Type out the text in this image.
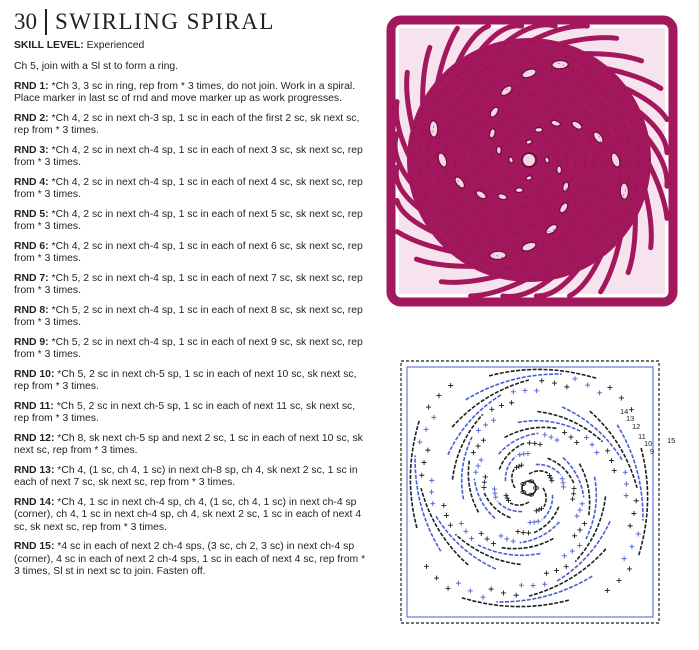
30 SWIRLING SPIRAL

SKILL LEVEL: Experienced

Ch 5, join with a Sl st to form a ring.

RND 1: *Ch 3, 3 sc in ring, rep from * 3 times, do not join. Work in a spiral. Place marker in last sc of rnd and move marker up as work progresses.

RND 2: *Ch 4, 2 sc in next ch-3 sp, 1 sc in each of the first 2 sc, sk next sc, rep from * 3 times.

RND 3: *Ch 4, 2 sc in next ch-4 sp, 1 sc in each of next 3 sc, sk next sc, rep from * 3 times.

RND 4: *Ch 4, 2 sc in next ch-4 sp, 1 sc in each of next 4 sc, sk next sc, rep from * 3 times.

RND 5: *Ch 4, 2 sc in next ch-4 sp, 1 sc in each of next 5 sc, sk next sc, rep from * 3 times.

RND 6: *Ch 4, 2 sc in next ch-4 sp, 1 sc in each of next 6 sc, sk next sc, rep from * 3 times.

RND 7: *Ch 5, 2 sc in next ch-4 sp, 1 sc in each of next 7 sc, sk next sc, rep from * 3 times.

RND 8: *Ch 5, 2 sc in next ch-4 sp, 1 sc in each of next 8 sc, sk next sc, rep from * 3 times.

RND 9: *Ch 5, 2 sc in next ch-4 sp, 1 sc in each of next 9 sc, sk next sc, rep from * 3 times.

RND 10: *Ch 5, 2 sc in next ch-5 sp, 1 sc in each of next 10 sc, sk next sc, rep from * 3 times.

RND 11: *Ch 5, 2 sc in next ch-5 sp, 1 sc in each of next 11 sc, sk next sc, rep from * 3 times.

RND 12: *Ch 8, sk next ch-5 sp and next 2 sc, 1 sc in each of next 10 sc, sk next sc, rep from * 3 times.

RND 13: *Ch 4, (1 sc, ch 4, 1 sc) in next ch-8 sp, ch 4, sk next 2 sc, 1 sc in each of next 7 sc, sk next sc, rep from * 3 times.

RND 14: *Ch 4, 1 sc in next ch-4 sp, ch 4, (1 sc, ch 4, 1 sc) in next ch-4 sp (corner), ch 4, 1 sc in next ch-4 sp, ch 4, sk next 2 sc, 1 sc in each of next 4 sc, sk next sc, rep from * 3 times.

RND 15: *4 sc in each of next 2 ch-4 sps, (3 sc, ch 2, 3 sc) in next ch-4 sp (corner), 4 sc in each of next 2 ch-4 sps, 1 sc in each of next 4 sc, rep from * 3 times, Sl st in next sc to join. Fasten off.

14
13
12
11
10
9
15
